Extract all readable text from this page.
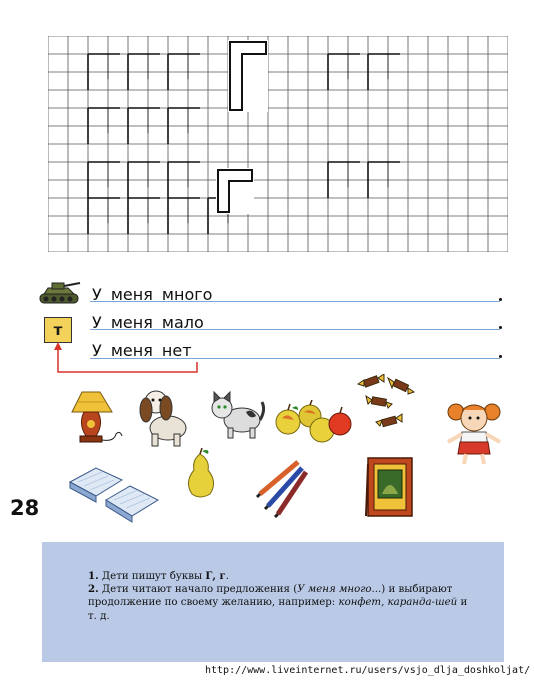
У меня много
У меня мало
У меня нет
т
28
1. Дети пишут буквы Г, г.
2. Дети читают начало предложения (У меня много...) и выбирают продолжение по своему желанию, например: конфет, каранда-шей и т. д.
http://www.liveinternet.ru/users/vsjo_dlja_doshkoljat/
